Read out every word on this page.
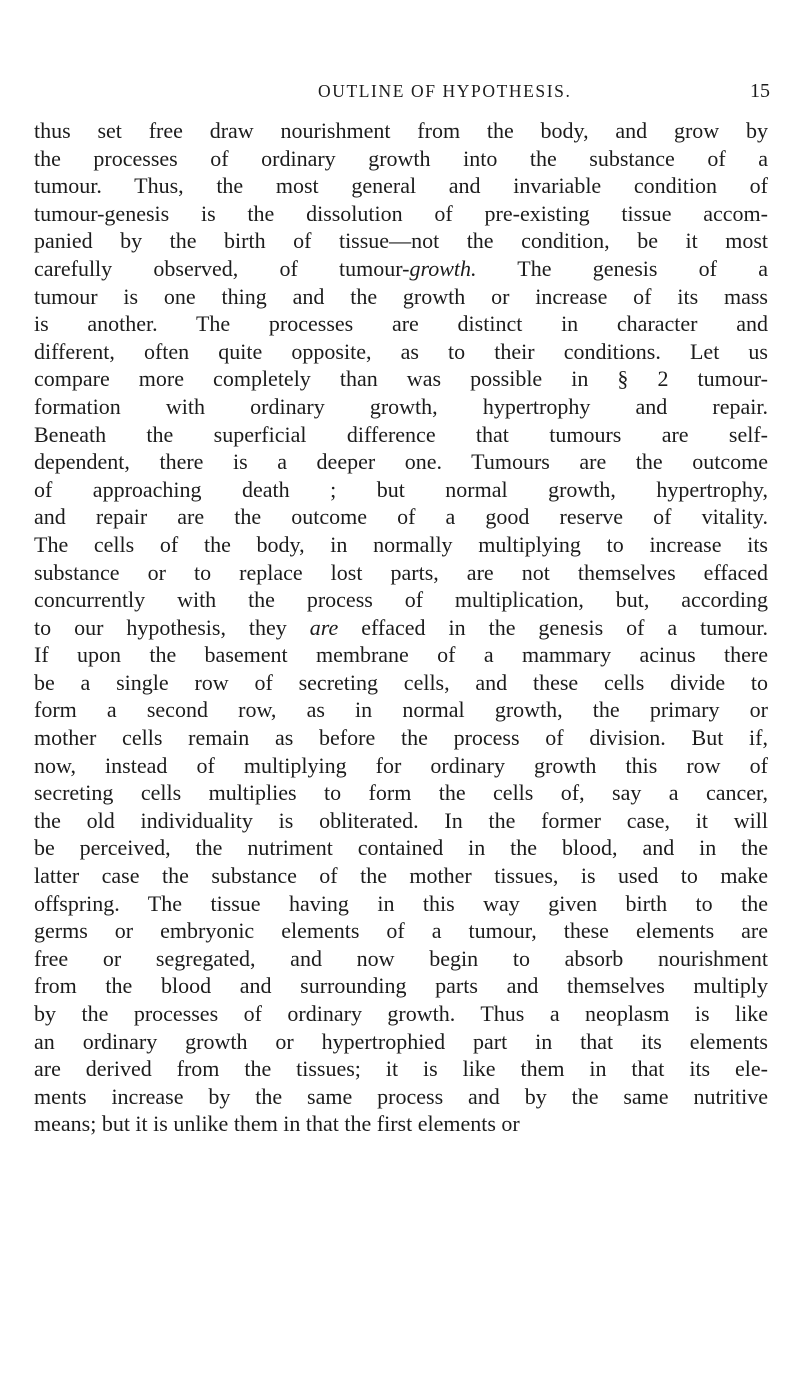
OUTLINE OF HYPOTHESIS.	15
thus set free draw nourishment from the body, and grow by
the processes of ordinary growth into the substance of a
tumour. Thus, the most general and invariable condition of
tumour-genesis is the dissolution of pre-existing tissue accom-
panied by the birth of tissue—not the condition, be it most
carefully observed, of tumour-growth. The genesis of a
tumour is one thing and the growth or increase of its mass
is another. The processes are distinct in character and
different, often quite opposite, as to their conditions. Let us
compare more completely than was possible in § 2 tumour-
formation with ordinary growth, hypertrophy and repair.
Beneath the superficial difference that tumours are self-
dependent, there is a deeper one. Tumours are the outcome
of approaching death ; but normal growth, hypertrophy,
and repair are the outcome of a good reserve of vitality.
The cells of the body, in normally multiplying to increase its
substance or to replace lost parts, are not themselves effaced
concurrently with the process of multiplication, but, according
to our hypothesis, they are effaced in the genesis of a tumour.
If upon the basement membrane of a mammary acinus there
be a single row of secreting cells, and these cells divide to
form a second row, as in normal growth, the primary or
mother cells remain as before the process of division. But if,
now, instead of multiplying for ordinary growth this row of
secreting cells multiplies to form the cells of, say a cancer,
the old individuality is obliterated. In the former case, it will
be perceived, the nutriment contained in the blood, and in the
latter case the substance of the mother tissues, is used to make
offspring. The tissue having in this way given birth to the
germs or embryonic elements of a tumour, these elements are
free or segregated, and now begin to absorb nourishment
from the blood and surrounding parts and themselves multiply
by the processes of ordinary growth. Thus a neoplasm is like
an ordinary growth or hypertrophied part in that its elements
are derived from the tissues; it is like them in that its ele-
ments increase by the same process and by the same nutritive
means; but it is unlike them in that the first elements or
